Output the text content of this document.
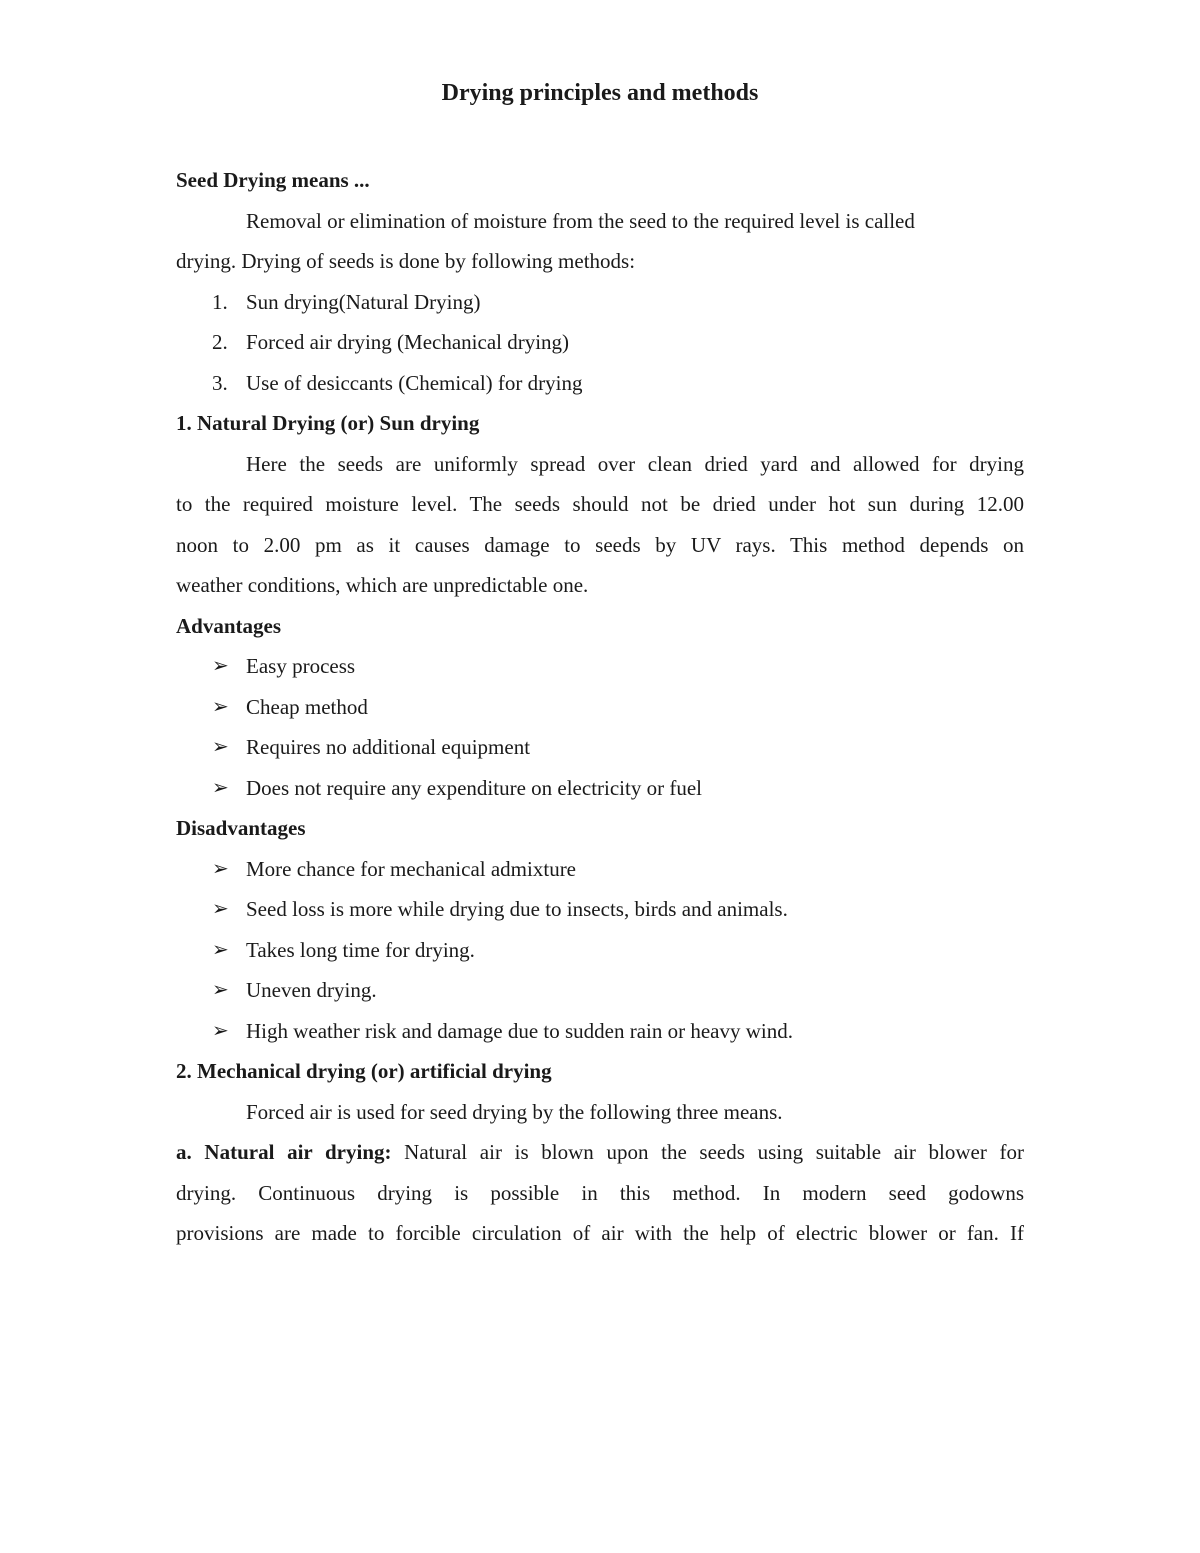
Drying principles and methods
Seed Drying means ...
Removal or elimination of moisture from the seed to the required level is called
drying. Drying of seeds is done by following methods:
1. Sun drying(Natural Drying)
2. Forced air drying (Mechanical drying)
3. Use of desiccants (Chemical) for drying
1. Natural Drying (or) Sun drying
Here the seeds are uniformly spread over clean dried yard and allowed for drying
to the required moisture level. The seeds should not be dried under hot sun during 12.00
noon to 2.00 pm as it causes damage to seeds by UV rays. This method depends on
weather conditions, which are unpredictable one.
Advantages
➢ Easy process
➢ Cheap method
➢ Requires no additional equipment
➢ Does not require any expenditure on electricity or fuel
Disadvantages
➢ More chance for mechanical admixture
➢ Seed loss is more while drying due to insects, birds and animals.
➢ Takes long time for drying.
➢ Uneven drying.
➢ High weather risk and damage due to sudden rain or heavy wind.
2. Mechanical drying (or) artificial drying
Forced air is used for seed drying by the following three means.
a. Natural air drying: Natural air is blown upon the seeds using suitable air blower for
drying. Continuous drying is possible in this method. In modern seed godowns
provisions are made to forcible circulation of air with the help of electric blower or fan. If
